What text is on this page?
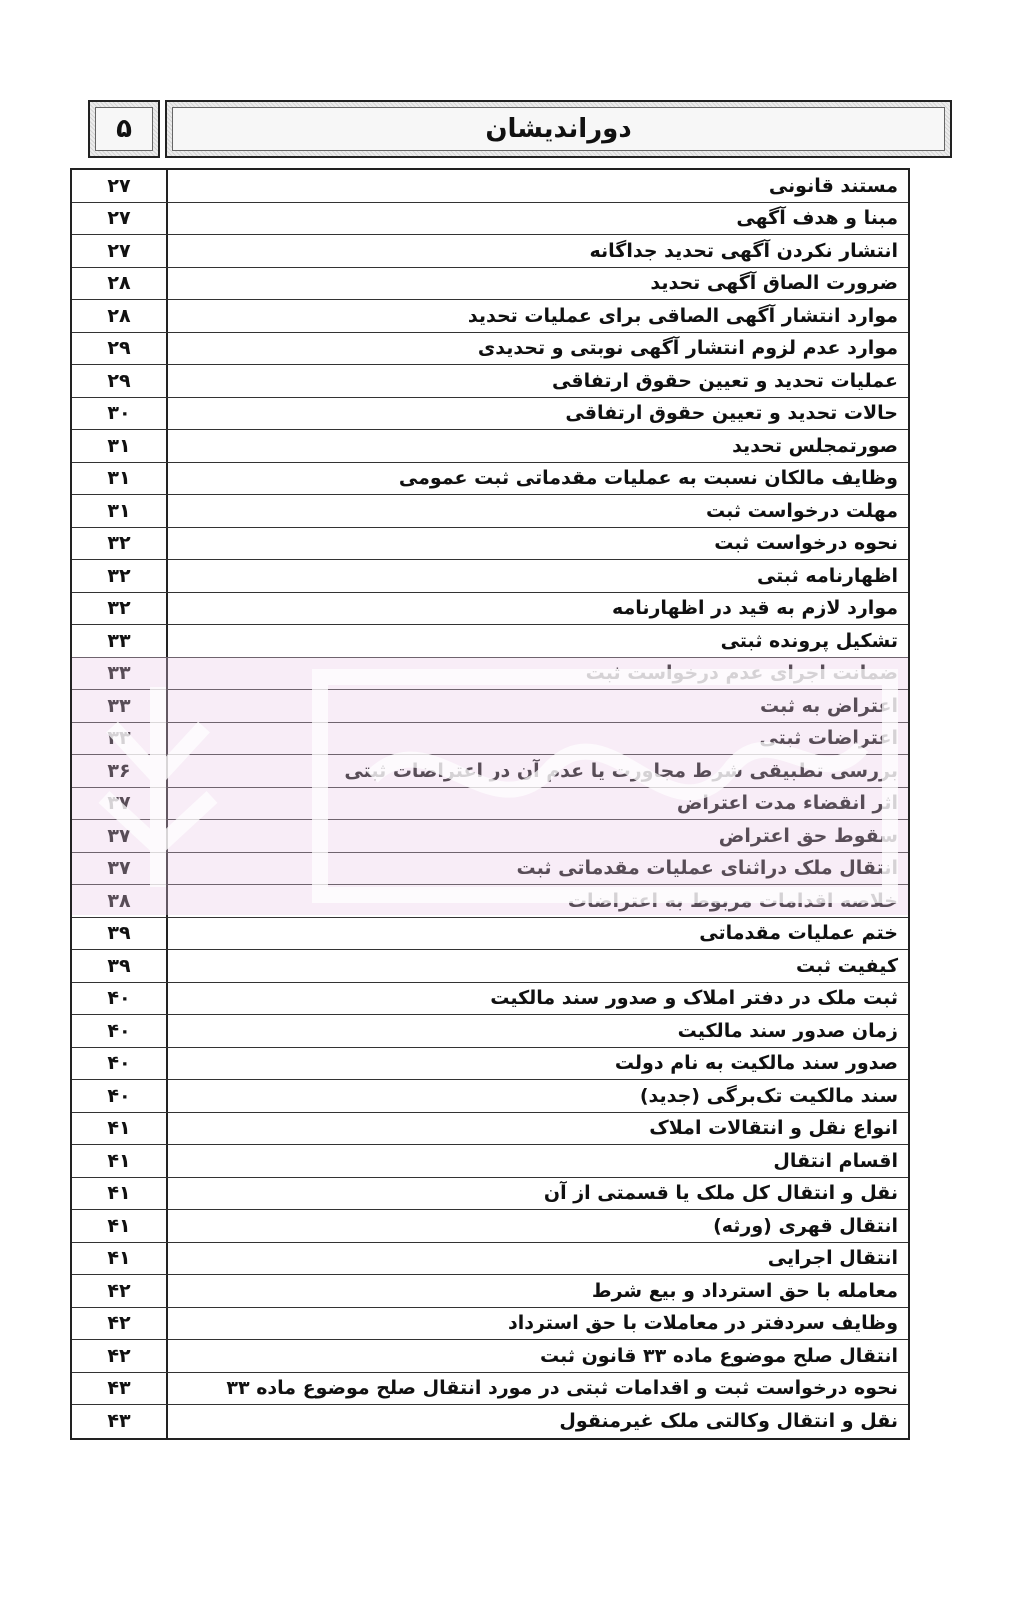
۵	دوراندیشان
۲۷	مستند قانونی
۲۷	مبنا و هدف آگهی
۲۷	انتشار نکردن آگهی تحدید جداگانه
۲۸	ضرورت الصاق آگهی تحدید
۲۸	موارد انتشار آگهی الصاقی برای عملیات تحدید
۲۹	موارد عدم لزوم انتشار آگهی نوبتی و تحدیدی
۲۹	عملیات تحدید و تعیین حقوق ارتفاقی
۳۰	حالات تحدید و تعیین حقوق ارتفاقی
۳۱	صورتمجلس تحدید
۳۱	وظایف مالکان نسبت به عملیات مقدماتی ثبت عمومی
۳۱	مهلت درخواست ثبت
۳۲	نحوه درخواست ثبت
۳۲	اظهارنامه ثبتی
۳۲	موارد لازم به قید در اظهارنامه
۳۳	تشکیل پرونده ثبتی
۳۳	ضمانت اجرای عدم درخواست ثبت
۳۳	اعتراض به ثبت
۳۳	اعتراضات ثبتی
۳۶	بررسی تطبیقی شرط مجاورت یا عدم آن در اعتراضات ثبتی
۳۷	اثر انقضاء مدت اعتراض
۳۷	سقوط حق اعتراض
۳۷	انتقال ملک دراثنای عملیات مقدماتی ثبت
۳۸	خلاصه اقدامات مربوط به اعتراضات
۳۹	ختم عملیات مقدماتی
۳۹	کیفیت ثبت
۴۰	ثبت ملک در دفتر املاک و صدور سند مالکیت
۴۰	زمان صدور سند مالکیت
۴۰	صدور سند مالکیت به نام دولت
۴۰	سند مالکیت تک‌برگی (جدید)
۴۱	انواع نقل و انتقالات املاک
۴۱	اقسام انتقال
۴۱	نقل و انتقال کل ملک یا قسمتی از آن
۴۱	انتقال قهری (ورثه)
۴۱	انتقال اجرایی
۴۲	معامله با حق استرداد و بیع شرط
۴۲	وظایف سردفتر در معاملات با حق استرداد
۴۲	انتقال صلح موضوع ماده ۳۳ قانون ثبت
۴۳	نحوه درخواست ثبت و اقدامات ثبتی در مورد انتقال صلح موضوع ماده ۳۳
۴۳	نقل و انتقال وکالتی ملک غیرمنقول
